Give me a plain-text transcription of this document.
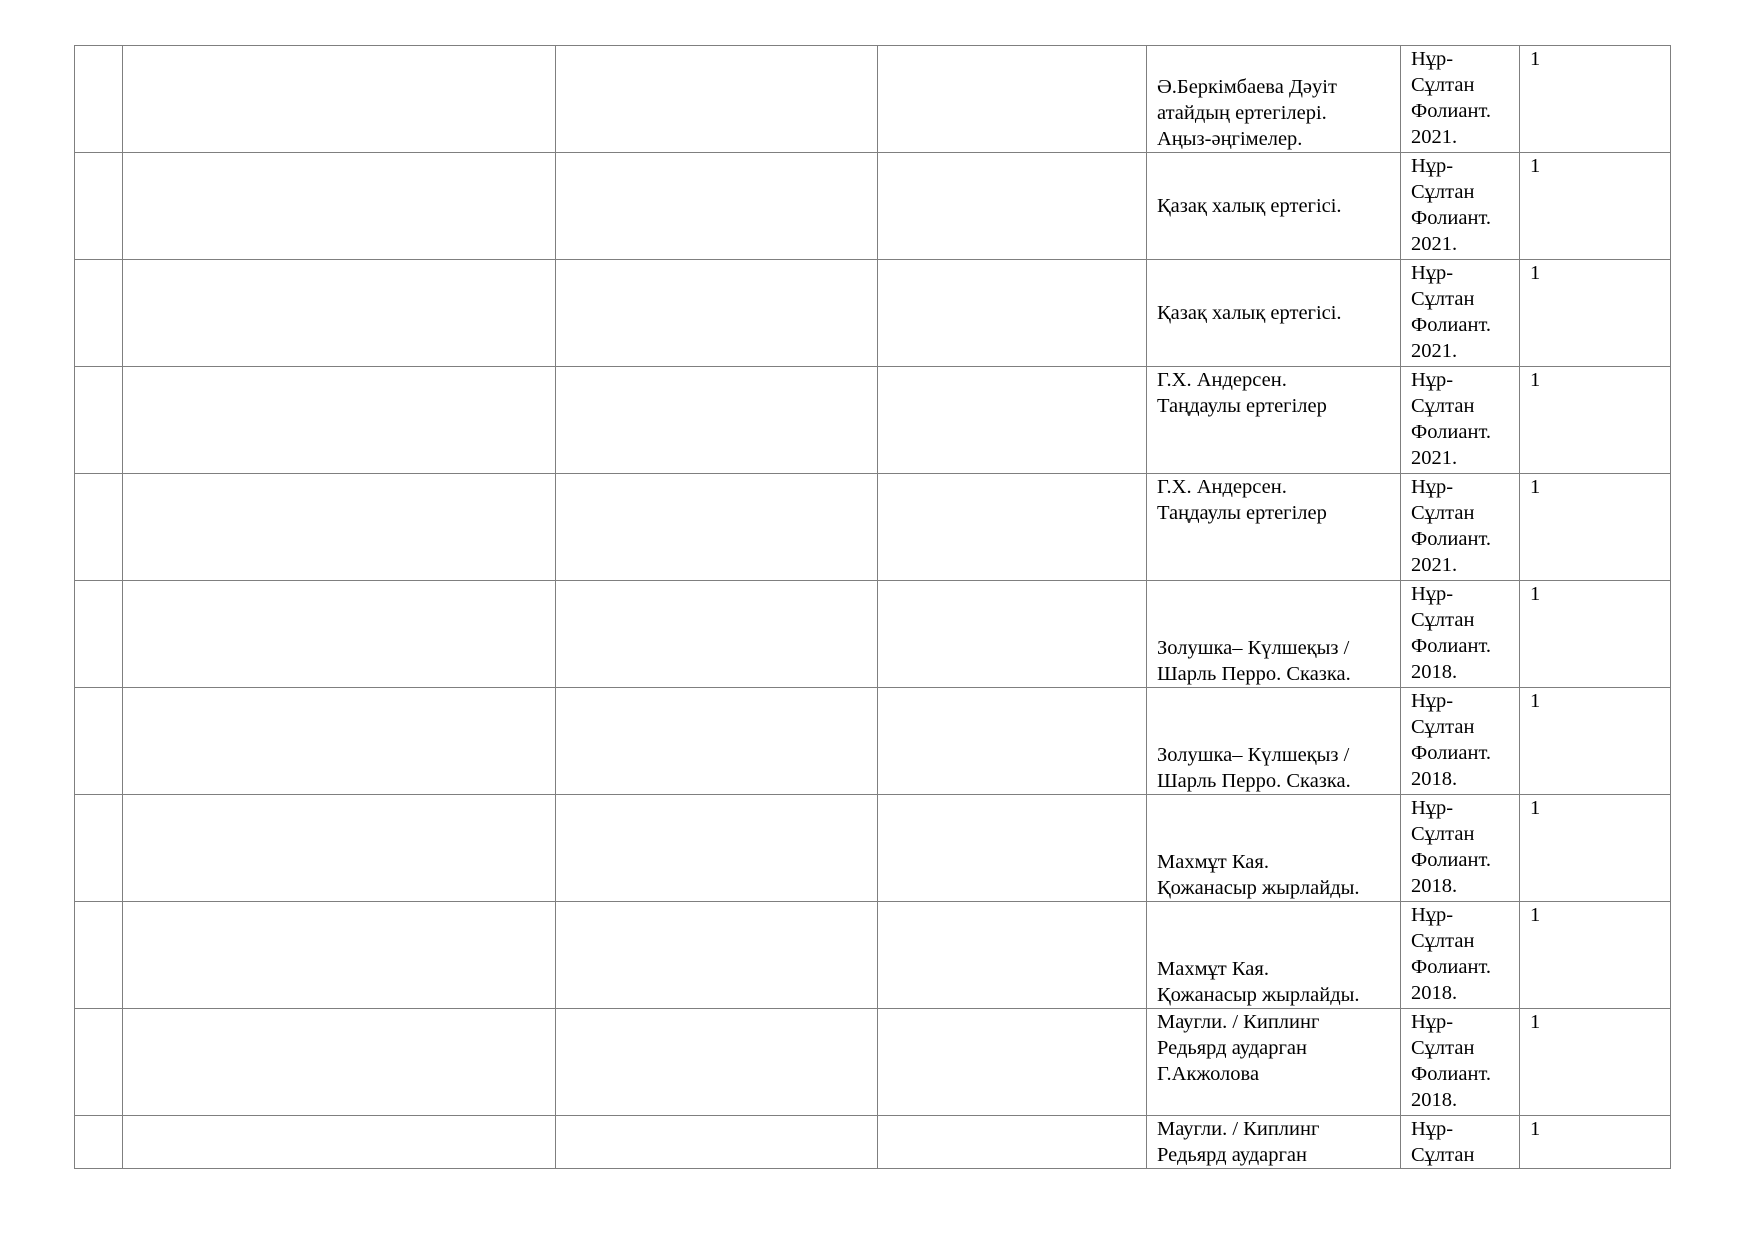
				Ә.Беркімбаева Дәуіт
атайдың ертегілері.
Аңыз-әңгімелер.	Нұр-
Сұлтан
Фолиант.
2021.	1

				Қазақ халық ертегісі.	Нұр-
Сұлтан
Фолиант.
2021.	1

				Қазақ халық ертегісі.	Нұр-
Сұлтан
Фолиант.
2021.	1

				Г.Х. Андерсен.
Таңдаулы ертегілер	Нұр-
Сұлтан
Фолиант.
2021.	1

				Г.Х. Андерсен.
Таңдаулы ертегілер	Нұр-
Сұлтан
Фолиант.
2021.	1

				Золушка– Күлшеқыз /
Шарль Перро. Сказка.	Нұр-
Сұлтан
Фолиант.
2018.	1

				Золушка– Күлшеқыз /
Шарль Перро. Сказка.	Нұр-
Сұлтан
Фолиант.
2018.	1

				Махмұт Кая.
Қожанасыр жырлайды.	Нұр-
Сұлтан
Фолиант.
2018.	1

				Махмұт Кая.
Қожанасыр жырлайды.	Нұр-
Сұлтан
Фолиант.
2018.	1

				Маугли. / Киплинг
Редьярд аударган
Г.Акжолова	Нұр-
Сұлтан
Фолиант.
2018.	1

				Маугли. / Киплинг
Редьярд аударган	Нұр-
Сұлтан	1
